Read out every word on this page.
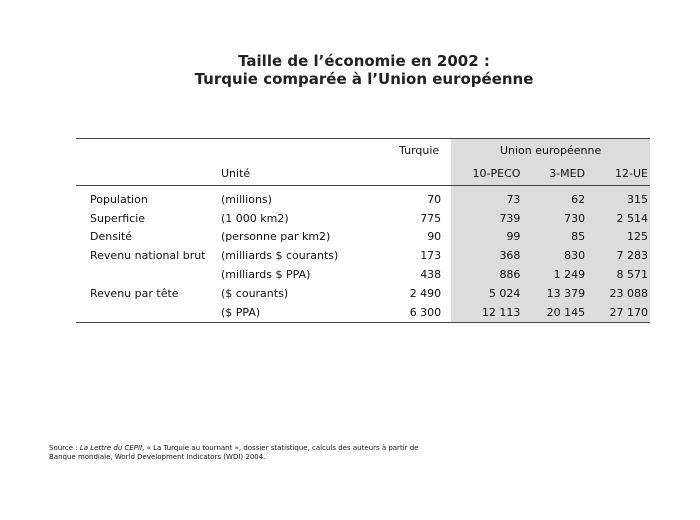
Taille de l’économie en 2002 :
Turquie comparée à l’Union européenne
		Turquie	Union européenne		
	Unité		10-PECO	3-MED	12-UE
Population	(millions)	70	73	62	315
Superficie	(1 000 km2)	775	739	730	2 514
Densité	(personne par km2)	90	99	85	125
Revenu national brut	(milliards $ courants)	173	368	830	7 283
	(milliards $ PPA)	438	886	1 249	8 571
Revenu par tête	($ courants)	2 490	5 024	13 379	23 088
	($ PPA)	6 300	12 113	20 145	27 170
Source : La Lettre du CEPII, « La Turquie au tournant », dossier statistique, calculs des auteurs à partir de
Banque mondiale, World Development Indicators (WDI) 2004.
